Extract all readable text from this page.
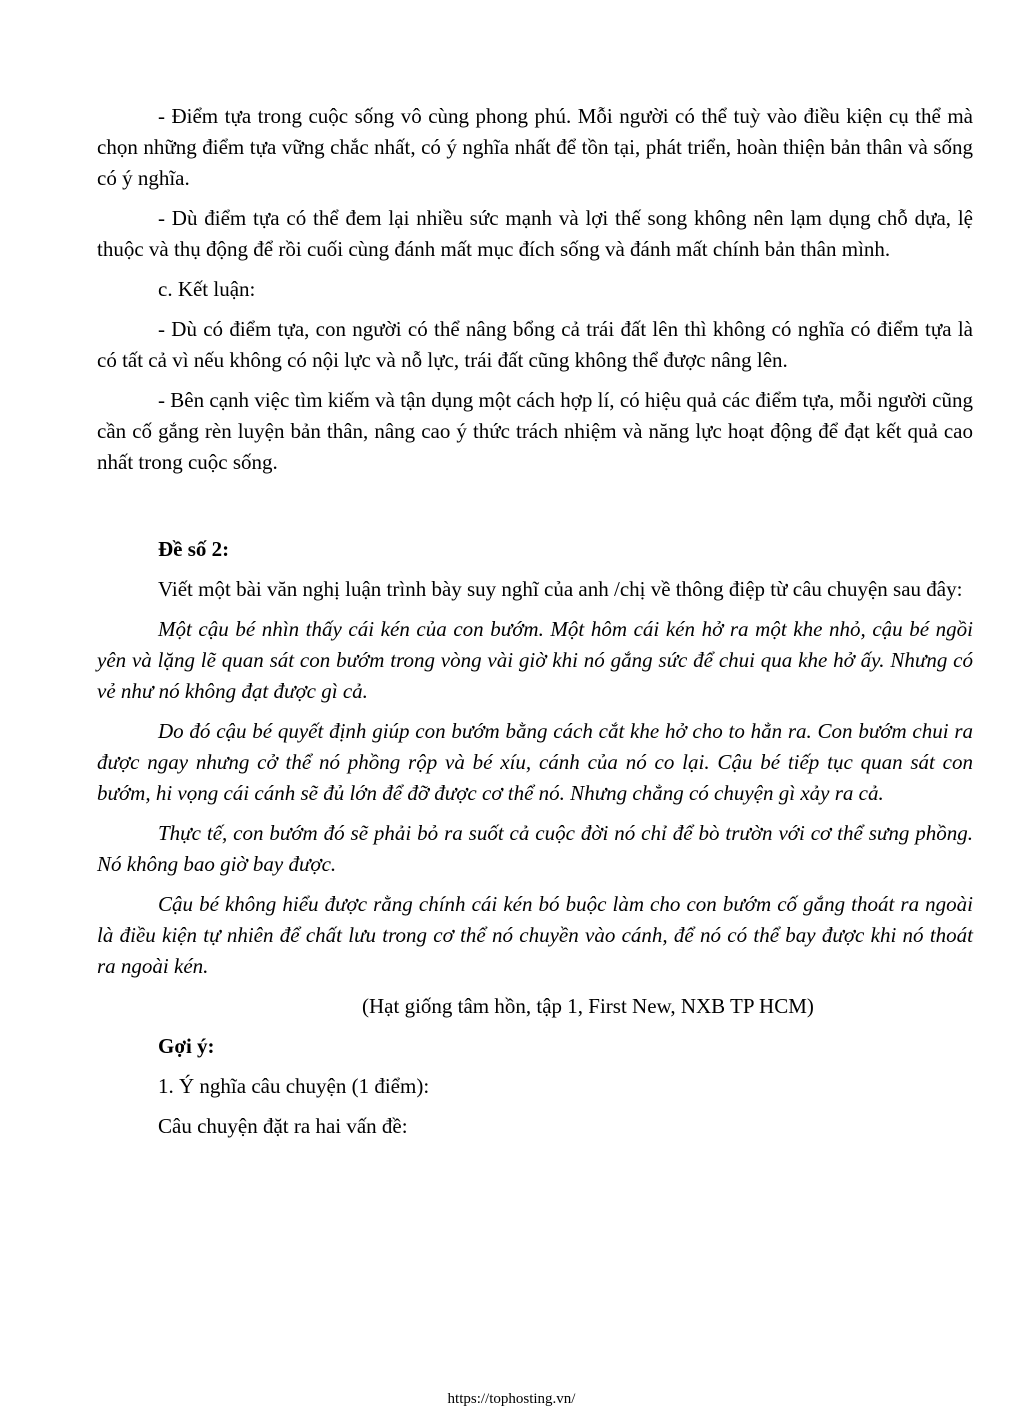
- Điểm tựa trong cuộc sống vô cùng phong phú. Mỗi người có thể tuỳ vào điều kiện cụ thể mà chọn những điểm tựa vững chắc nhất, có ý nghĩa nhất để tồn tại, phát triển, hoàn thiện bản thân và sống có ý nghĩa.

- Dù điểm tựa có thể đem lại nhiều sức mạnh và lợi thế song không nên lạm dụng chỗ dựa, lệ thuộc và thụ động để rồi cuối cùng đánh mất mục đích sống và đánh mất chính bản thân mình.

c. Kết luận:

- Dù có điểm tựa, con người có thể nâng bổng cả trái đất lên thì không có nghĩa có điểm tựa là có tất cả vì nếu không có nội lực và nỗ lực, trái đất cũng không thể được nâng lên.

- Bên cạnh việc tìm kiếm và tận dụng một cách hợp lí, có hiệu quả các điểm tựa, mỗi người cũng cần cố gắng rèn luyện bản thân, nâng cao ý thức trách nhiệm và năng lực hoạt động để đạt kết quả cao nhất trong cuộc sống.

Đề số 2:

Viết một bài văn nghị luận trình bày suy nghĩ của anh /chị về thông điệp từ câu chuyện sau đây:

Một cậu bé nhìn thấy cái kén của con bướm. Một hôm cái kén hở ra một khe nhỏ, cậu bé ngồi yên và lặng lẽ quan sát con bướm trong vòng vài giờ khi nó gắng sức để chui qua khe hở ấy. Nhưng có vẻ như nó không đạt được gì cả.

Do đó cậu bé quyết định giúp con bướm bằng cách cắt khe hở cho to hẳn ra. Con bướm chui ra được ngay nhưng cở thể nó phồng rộp và bé xíu, cánh của nó co lại. Cậu bé tiếp tục quan sát con bướm, hi vọng cái cánh sẽ đủ lớn để đỡ được cơ thể nó. Nhưng chẳng có chuyện gì xảy ra cả.

Thực tế, con bướm đó sẽ phải bỏ ra suốt cả cuộc đời nó chỉ để bò trườn với cơ thể sưng phồng. Nó không bao giờ bay được.

Cậu bé không hiểu được rằng chính cái kén bó buộc làm cho con bướm cố gắng thoát ra ngoài là điều kiện tự nhiên để chất lưu trong cơ thể nó chuyền vào cánh, để nó có thể bay được khi nó thoát ra ngoài kén.

(Hạt giống tâm hồn, tập 1, First New, NXB TP HCM)

Gợi ý:

1. Ý nghĩa câu chuyện (1 điểm):

Câu chuyện đặt ra hai vấn đề:

https://tophosting.vn/
